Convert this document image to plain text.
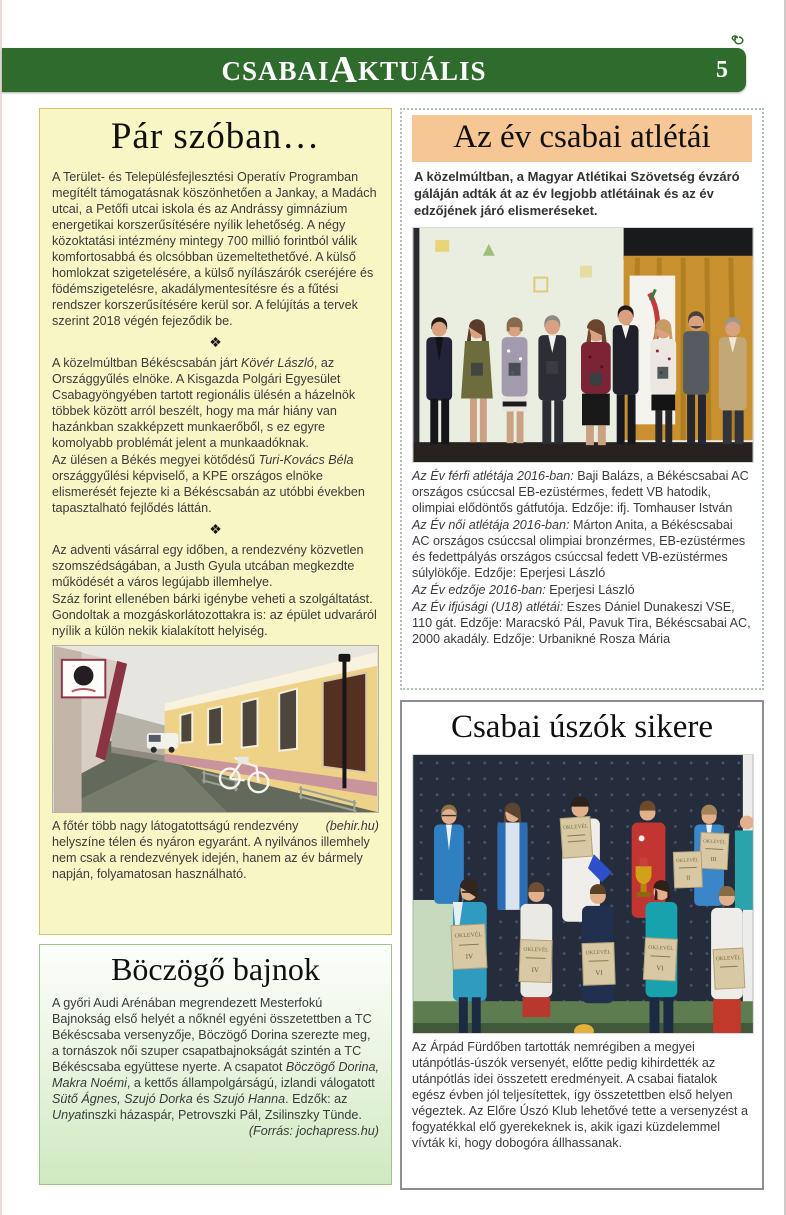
CSABAIAKTUÁLIS	5
Pár szóban…

A Terület- és Településfejlesztési Operatív Programban megítélt támogatásnak köszönhetően a Jankay, a Madách utcai, a Petőfi utcai iskola és az Andrássy gimnázium energetikai korszerűsítésére nyílik lehetőség. A négy közoktatási intézmény mintegy 700 millió forintból válik komfortosabbá és olcsóbban üzemeltethetővé. A külső homlokzat szigetelésére, a külső nyílászárók cseréjére és födémszigetelésre, akadálymentesítésre és a fűtési rendszer korszerűsítésére kerül sor. A felújítás a tervek szerint 2018 végén fejeződik be.

❖

A közelmúltban Békéscsabán járt Kövér László, az Országgyűlés elnöke. A Kisgazda Polgári Egyesület Csabagyöngyében tartott regionális ülésén a házelnök többek között arról beszélt, hogy ma már hiány van hazánkban szakképzett munkaerőből, s ez egyre komolyabb problémát jelent a munkaadóknak.

Az ülésen a Békés megyei kötődésű Turi-Kovács Béla országgyűlési képviselő, a KPE országos elnöke elismerését fejezte ki a Békéscsabán az utóbbi években tapasztalható fejlődés láttán.

❖

Az adventi vásárral egy időben, a rendezvény közvetlen szomszédságában, a Justh Gyula utcában megkezdte működését a város legújabb illemhelye.

Száz forint ellenében bárki igénybe veheti a szolgáltatást. Gondoltak a mozgáskorlátozottakra is: az épület udvaráról nyílik a külön nekik kialakított helyiség.

(behir.hu)
A főtér több nagy látogatottságú rendezvény helyszíne télen és nyáron egyaránt. A nyilvános illemhely nem csak a rendezvények idején, hanem az év bármely napján, folyamatosan használható.

Böczögő bajnok

A győri Audi Arénában megrendezett Mesterfokú Bajnokság első helyét a nőknél egyéni összetettben a TC Békéscsaba versenyzője, Böczögő Dorina szerezte meg, a tornászok női szuper csapatbajnokságát szintén a TC Békéscsaba együttese nyerte. A csapatot Böczögő Dorina, Makra Noémi, a kettős állampolgárságú, izlandi válogatott Sütő Ágnes, Szujó Dorka és Szujó Hanna. Edzők: az Unyatinszki házaspár, Petrovszki Pál, Zsilinszky Tünde.
(Forrás: jochapress.hu)

Az év csabai atlétái

A közelmúltban, a Magyar Atlétikai Szövetség évzáró gáláján adták át az év legjobb atlétáinak és az év edzőjének járó elismeréseket.

Az Év férfi atlétája 2016-ban: Baji Balázs, a Békéscsabai AC országos csúccsal EB-ezüstérmes, fedett VB hatodik, olimpiai elődöntős gátfutója. Edzője: ifj. Tomhauser István

Az Év női atlétája 2016-ban: Márton Anita, a Békéscsabai AC országos csúccsal olimpiai bronzérmes, EB-ezüstérmes és fedettpályás országos csúccsal fedett VB-ezüstérmes súlylökője. Edzője: Eperjesi László

Az Év edzője 2016-ban: Eperjesi László

Az Év ifjúsági (U18) atlétái: Eszes Dániel Dunakeszi VSE, 110 gát. Edzője: Maracskó Pál, Pavuk Tira, Békéscsabai AC, 2000 akadály. Edzője: Urbanikné Rosza Mária

Csabai úszók sikere
OKLEVÉL
OKLEVÉL
III
OKLEVÉL
IV
OKLEVÉL
IV
OKLEVÉL
VI
OKLEVÉL
VI
OKLEVÉL
II
OKLEVÉL

Az Árpád Fürdőben tartották nemrégiben a megyei utánpótlás-úszók versenyét, előtte pedig kihirdették az utánpótlás idei összetett eredményeit. A csabai fiatalok egész évben jól teljesítettek, így összetettben első helyen végeztek. Az Előre Úszó Klub lehetővé tette a versenyzést a fogyatékkal elő gyerekeknek is, akik igazi küzdelemmel vívták ki, hogy dobogóra állhassanak.
